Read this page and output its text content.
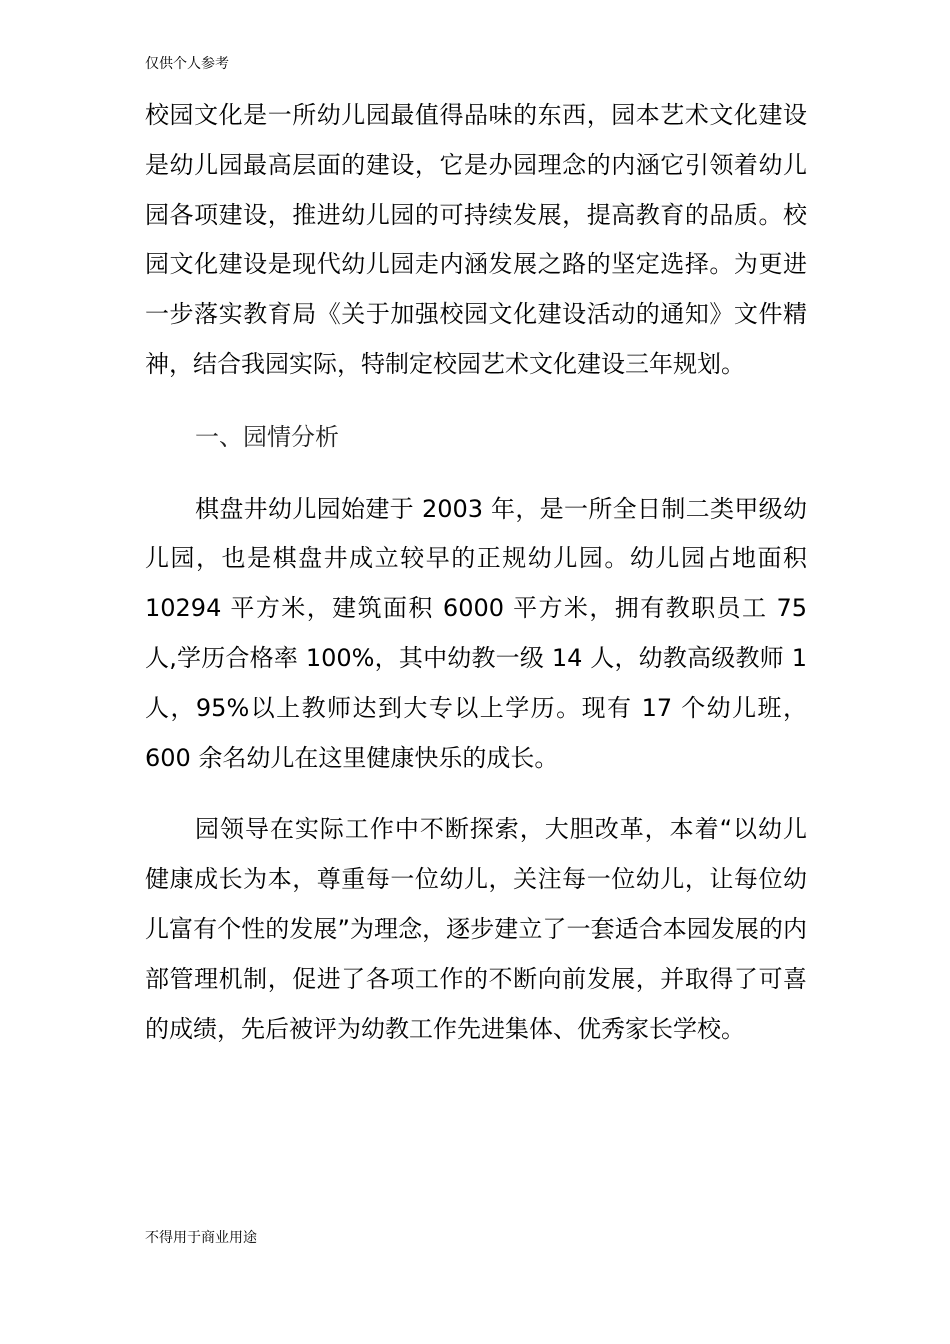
仅供个人参考

校园文化是一所幼儿园最值得品味的东西，园本艺术文化建设是幼儿园最高层面的建设，它是办园理念的内涵它引领着幼儿园各项建设，推进幼儿园的可持续发展，提高教育的品质。校园文化建设是现代幼儿园走内涵发展之路的坚定选择。为更进一步落实教育局《关于加强校园文化建设活动的通知》文件精神，结合我园实际，特制定校园艺术文化建设三年规划。

一、园情分析

棋盘井幼儿园始建于 2003 年，是一所全日制二类甲级幼儿园，也是棋盘井成立较早的正规幼儿园。幼儿园占地面积 10294 平方米，建筑面积 6000 平方米，拥有教职员工 75 人,学历合格率 100%，其中幼教一级 14 人，幼教高级教师 1 人，95%以上教师达到大专以上学历。现有 17 个幼儿班，600 余名幼儿在这里健康快乐的成长。

园领导在实际工作中不断探索，大胆改革，本着“以幼儿健康成长为本，尊重每一位幼儿，关注每一位幼儿，让每位幼儿富有个性的发展”为理念，逐步建立了一套适合本园发展的内部管理机制，促进了各项工作的不断向前发展，并取得了可喜的成绩，先后被评为幼教工作先进集体、优秀家长学校。

不得用于商业用途
